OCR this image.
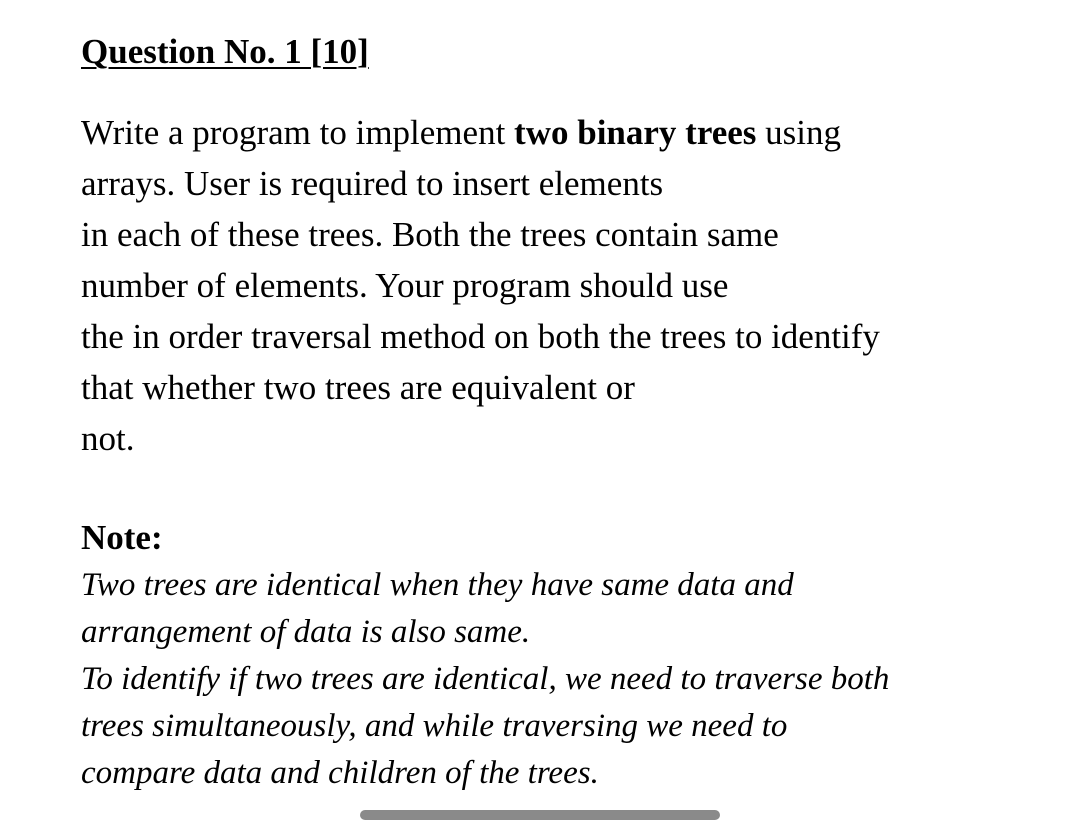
Question No. 1 [10]
Write a program to implement two binary trees using
arrays. User is required to insert elements
in each of these trees. Both the trees contain same
number of elements. Your program should use
the in order traversal method on both the trees to identify
that whether two trees are equivalent or
not.
Note:
Two trees are identical when they have same data and
arrangement of data is also same.
To identify if two trees are identical, we need to traverse both
trees simultaneously, and while traversing we need to
compare data and children of the trees.
